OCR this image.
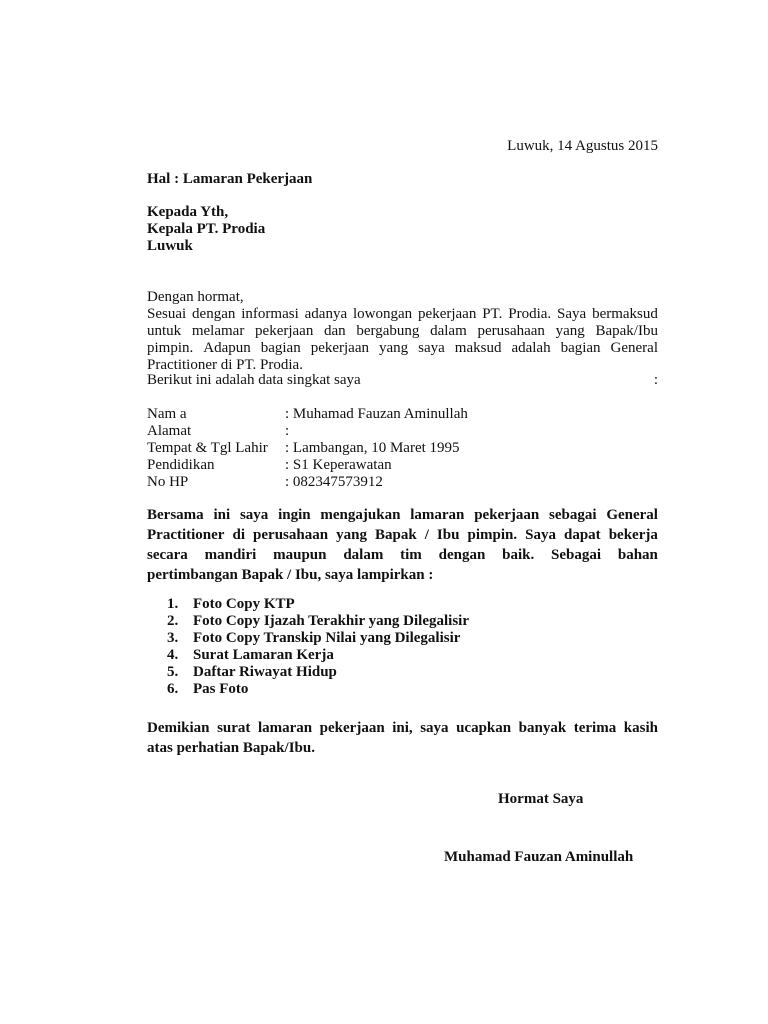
Luwuk, 14 Agustus 2015
Hal : Lamaran Pekerjaan
Kepada Yth,
Kepala PT. Prodia
Luwuk
Dengan hormat,
Sesuai dengan informasi adanya lowongan pekerjaan PT. Prodia. Saya bermaksud
untuk melamar pekerjaan dan bergabung dalam perusahaan yang Bapak/Ibu
pimpin. Adapun bagian pekerjaan yang saya maksud adalah bagian General
Practitioner di PT. Prodia.
Berikut ini adalah data singkat saya	:
Nam a	: Muhamad Fauzan Aminullah
Alamat	:
Tempat & Tgl Lahir	: Lambangan, 10 Maret 1995
Pendidikan	: S1 Keperawatan
No HP	: 082347573912
Bersama ini saya ingin mengajukan lamaran pekerjaan sebagai General
Practitioner di perusahaan yang Bapak / Ibu pimpin. Saya dapat bekerja
secara mandiri maupun dalam tim dengan baik. Sebagai bahan
pertimbangan Bapak / Ibu, saya lampirkan :
1. Foto Copy KTP
2. Foto Copy Ijazah Terakhir yang Dilegalisir
3. Foto Copy Transkip Nilai yang Dilegalisir
4. Surat Lamaran Kerja
5. Daftar Riwayat Hidup
6. Pas Foto
Demikian surat lamaran pekerjaan ini, saya ucapkan banyak terima kasih
atas perhatian Bapak/Ibu.
Hormat Saya
Muhamad Fauzan Aminullah
